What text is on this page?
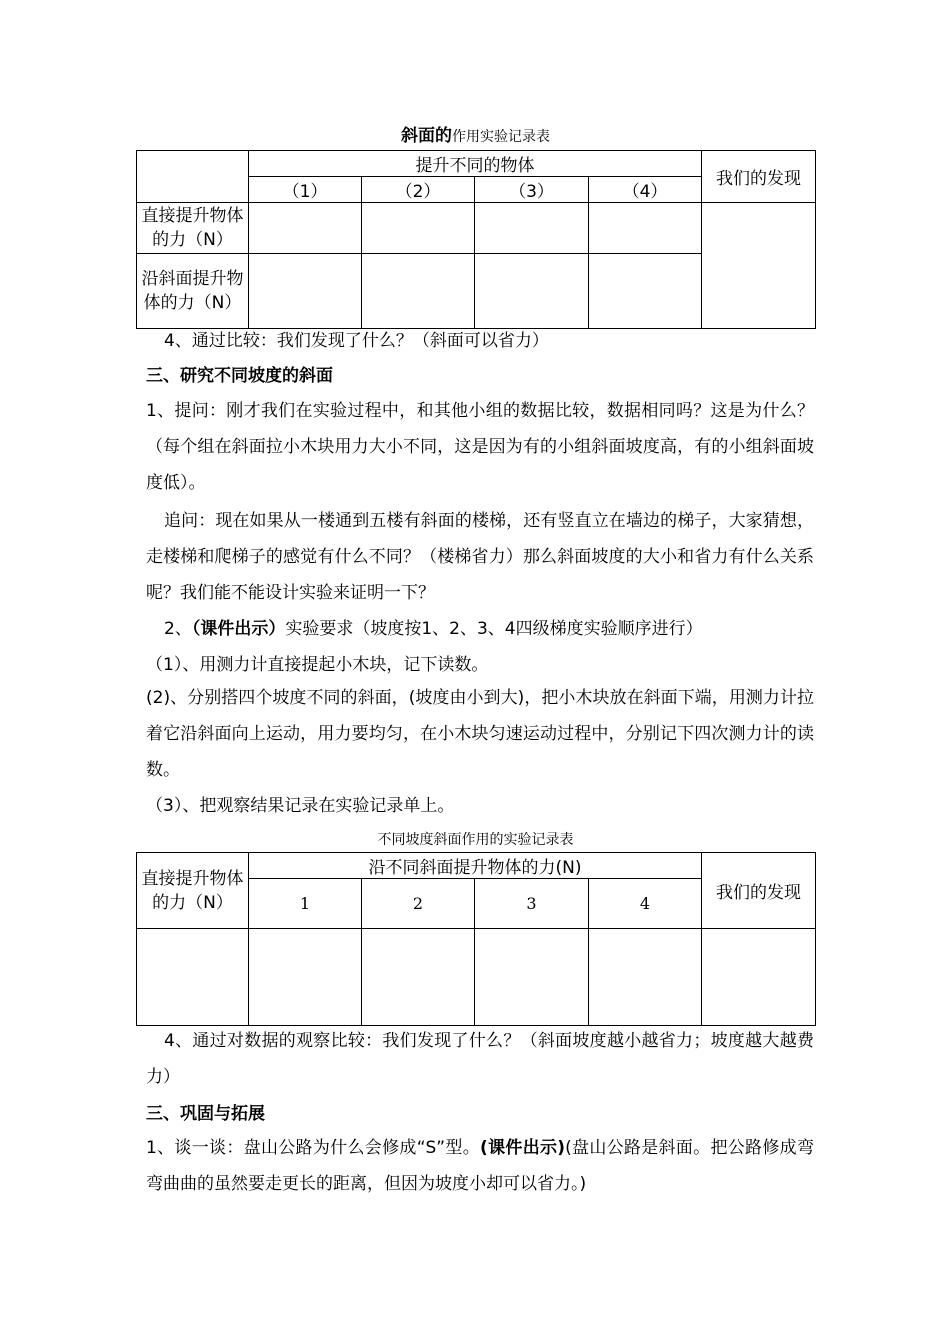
斜面的作用实验记录表
	提升不同的物体				我们的发现
	（1）	（2）	（3）	（4）	
直接提升物体的力（N）					
沿斜面提升物体的力（N）					
4、通过比较：我们发现了什么？（斜面可以省力）
三、研究不同坡度的斜面
1、提问：刚才我们在实验过程中，和其他小组的数据比较，数据相同吗？这是为什么？（每个组在斜面拉小木块用力大小不同，这是因为有的小组斜面坡度高，有的小组斜面坡度低）。
追问：现在如果从一楼通到五楼有斜面的楼梯，还有竖直立在墙边的梯子，大家猜想，走楼梯和爬梯子的感觉有什么不同？（楼梯省力）那么斜面坡度的大小和省力有什么关系呢？我们能不能设计实验来证明一下？
2、（课件出示）实验要求（坡度按1、2、3、4四级梯度实验顺序进行）
（1）、用测力计直接提起小木块，记下读数。
(2)、分别搭四个坡度不同的斜面，(坡度由小到大)，把小木块放在斜面下端，用测力计拉着它沿斜面向上运动，用力要均匀，在小木块匀速运动过程中，分别记下四次测力计的读数。
（3）、把观察结果记录在实验记录单上。
不同坡度斜面作用的实验记录表
直接提升物体的力（N）	沿不同斜面提升物体的力(N)				我们的发现
	1	2	3	4	

4、通过对数据的观察比较：我们发现了什么？（斜面坡度越小越省力；坡度越大越费力）
三、巩固与拓展
1、谈一谈：盘山公路为什么会修成“S”型。(课件出示)(盘山公路是斜面。把公路修成弯弯曲曲的虽然要走更长的距离，但因为坡度小却可以省力。)
